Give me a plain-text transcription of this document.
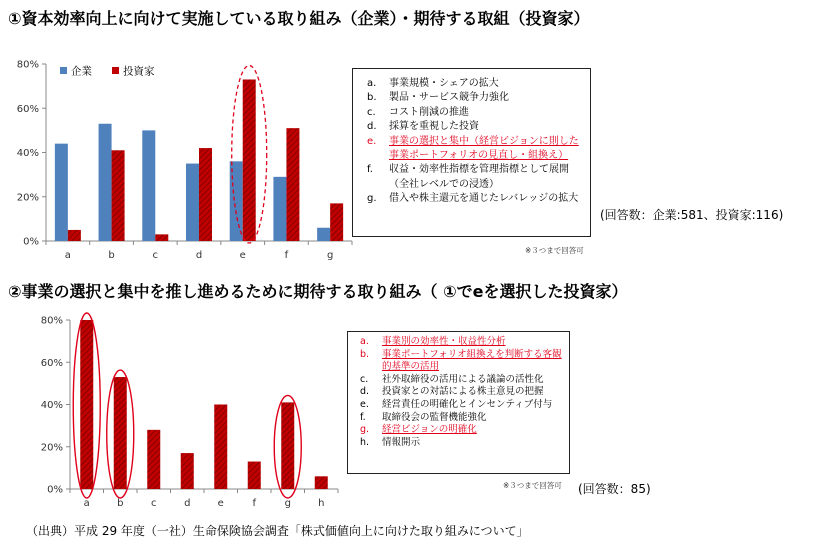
①資本効率向上に向けて実施している取り組み（企業）・期待する取組（投資家）
0%
20%
40%
60%
80%
a	b	c	d	e	f	g
企業	投資家
a.	事業規模・シェアの拡大
b.	製品・サービス競争力強化
c.	コスト削減の推進
d.	採算を重視した投資
e.	事業の選択と集中（経営ビジョンに則した事業ポートフォリオの見直し・組換え）
f.	収益・効率性指標を管理指標として展開（全社レベルでの浸透）
g.	借入や株主還元を通じたレバレッジの拡大
(回答数：企業:581、投資家:116)
※３つまで回答可
②事業の選択と集中を推し進めるために期待する取り組み（ ①でeを選択した投資家）
0%
20%
40%
60%
80%
a	b	c	d	e	f	g	h
a.	事業別の効率性・収益性分析
b.	事業ポートフォリオ組換えを判断する客観的基準の活用
c.	社外取締役の活用による議論の活性化
d.	投資家との対話による株主意見の把握
e.	経営責任の明確化とインセンティブ付与
f.	取締役会の監督機能強化
g.	経営ビジョンの明確化
h.	情報開示
(回答数：85)
※３つまで回答可
（出典）平成 29 年度（一社）生命保険協会調査「株式価値向上に向けた取り組みについて」
